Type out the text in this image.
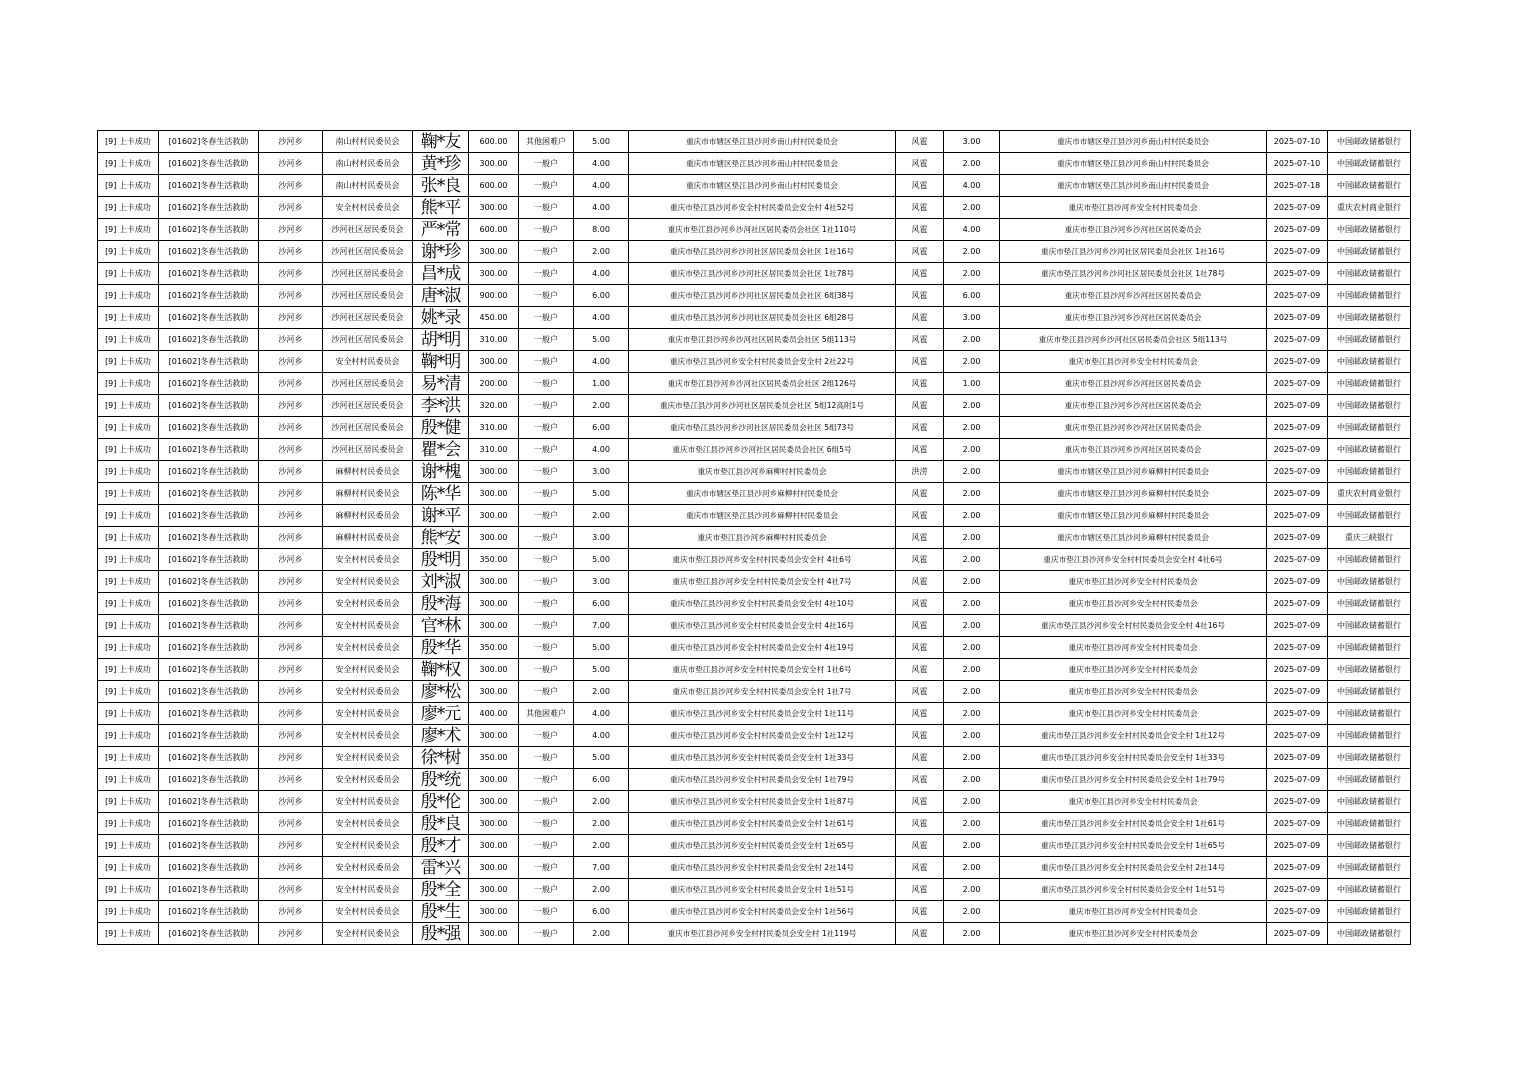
[9] 上卡成功	[01602]冬春生活救助	沙河乡	南山村村民委员会	鞠*友	600.00	其他困难户	5.00	重庆市市辖区垫江县沙河乡南山村村民委员会	风雹	3.00	重庆市市辖区垫江县沙河乡南山村村民委员会	2025-07-10	中国邮政储蓄银行
[9] 上卡成功	[01602]冬春生活救助	沙河乡	南山村村民委员会	黄*珍	300.00	一般户	4.00	重庆市市辖区垫江县沙河乡南山村村民委员会	风雹	2.00	重庆市市辖区垫江县沙河乡南山村村民委员会	2025-07-10	中国邮政储蓄银行
[9] 上卡成功	[01602]冬春生活救助	沙河乡	南山村村民委员会	张*良	600.00	一般户	4.00	重庆市市辖区垫江县沙河乡南山村村民委员会	风雹	4.00	重庆市市辖区垫江县沙河乡南山村村民委员会	2025-07-18	中国邮政储蓄银行
[9] 上卡成功	[01602]冬春生活救助	沙河乡	安全村村民委员会	熊*平	300.00	一般户	4.00	重庆市垫江县沙河乡安全村村民委员会安全村 4社52号	风雹	2.00	重庆市垫江县沙河乡安全村村民委员会	2025-07-09	重庆农村商业银行
[9] 上卡成功	[01602]冬春生活救助	沙河乡	沙河社区居民委员会	严*常	600.00	一般户	8.00	重庆市垫江县沙河乡沙河社区居民委员会社区 1社110号	风雹	4.00	重庆市垫江县沙河乡沙河社区居民委员会	2025-07-09	中国邮政储蓄银行
[9] 上卡成功	[01602]冬春生活救助	沙河乡	沙河社区居民委员会	谢*珍	300.00	一般户	2.00	重庆市垫江县沙河乡沙河社区居民委员会社区 1社16号	风雹	2.00	重庆市垫江县沙河乡沙河社区居民委员会社区 1社16号	2025-07-09	中国邮政储蓄银行
[9] 上卡成功	[01602]冬春生活救助	沙河乡	沙河社区居民委员会	昌*成	300.00	一般户	4.00	重庆市垫江县沙河乡沙河社区居民委员会社区 1社78号	风雹	2.00	重庆市垫江县沙河乡沙河社区居民委员会社区 1社78号	2025-07-09	中国邮政储蓄银行
[9] 上卡成功	[01602]冬春生活救助	沙河乡	沙河社区居民委员会	唐*淑	900.00	一般户	6.00	重庆市垫江县沙河乡沙河社区居民委员会社区 6组38号	风雹	6.00	重庆市垫江县沙河乡沙河社区居民委员会	2025-07-09	中国邮政储蓄银行
[9] 上卡成功	[01602]冬春生活救助	沙河乡	沙河社区居民委员会	姚*录	450.00	一般户	4.00	重庆市垫江县沙河乡沙河社区居民委员会社区 6组28号	风雹	3.00	重庆市垫江县沙河乡沙河社区居民委员会	2025-07-09	中国邮政储蓄银行
[9] 上卡成功	[01602]冬春生活救助	沙河乡	沙河社区居民委员会	胡*明	310.00	一般户	5.00	重庆市垫江县沙河乡沙河社区居民委员会社区 5组113号	风雹	2.00	重庆市垫江县沙河乡沙河社区居民委员会社区 5组113号	2025-07-09	中国邮政储蓄银行
[9] 上卡成功	[01602]冬春生活救助	沙河乡	安全村村民委员会	鞠*明	300.00	一般户	4.00	重庆市垫江县沙河乡安全村村民委员会安全村 2社22号	风雹	2.00	重庆市垫江县沙河乡安全村村民委员会	2025-07-09	中国邮政储蓄银行
[9] 上卡成功	[01602]冬春生活救助	沙河乡	沙河社区居民委员会	易*清	200.00	一般户	1.00	重庆市垫江县沙河乡沙河社区居民委员会社区 2组126号	风雹	1.00	重庆市垫江县沙河乡沙河社区居民委员会	2025-07-09	中国邮政储蓄银行
[9] 上卡成功	[01602]冬春生活救助	沙河乡	沙河社区居民委员会	李*洪	320.00	一般户	2.00	重庆市垫江县沙河乡沙河社区居民委员会社区 5组12高附1号	风雹	2.00	重庆市垫江县沙河乡沙河社区居民委员会	2025-07-09	中国邮政储蓄银行
[9] 上卡成功	[01602]冬春生活救助	沙河乡	沙河社区居民委员会	殷*健	310.00	一般户	6.00	重庆市垫江县沙河乡沙河社区居民委员会社区 5组73号	风雹	2.00	重庆市垫江县沙河乡沙河社区居民委员会	2025-07-09	中国邮政储蓄银行
[9] 上卡成功	[01602]冬春生活救助	沙河乡	沙河社区居民委员会	瞿*会	310.00	一般户	4.00	重庆市垫江县沙河乡沙河社区居民委员会社区 6组5号	风雹	2.00	重庆市垫江县沙河乡沙河社区居民委员会	2025-07-09	中国邮政储蓄银行
[9] 上卡成功	[01602]冬春生活救助	沙河乡	麻柳村村民委员会	谢*槐	300.00	一般户	3.00	重庆市垫江县沙河乡麻柳村村民委员会	洪涝	2.00	重庆市市辖区垫江县沙河乡麻柳村村民委员会	2025-07-09	中国邮政储蓄银行
[9] 上卡成功	[01602]冬春生活救助	沙河乡	麻柳村村民委员会	陈*华	300.00	一般户	5.00	重庆市市辖区垫江县沙河乡麻柳村村民委员会	风雹	2.00	重庆市市辖区垫江县沙河乡麻柳村村民委员会	2025-07-09	重庆农村商业银行
[9] 上卡成功	[01602]冬春生活救助	沙河乡	麻柳村村民委员会	谢*平	300.00	一般户	2.00	重庆市市辖区垫江县沙河乡麻柳村村民委员会	风雹	2.00	重庆市市辖区垫江县沙河乡麻柳村村民委员会	2025-07-09	中国邮政储蓄银行
[9] 上卡成功	[01602]冬春生活救助	沙河乡	麻柳村村民委员会	熊*安	300.00	一般户	3.00	重庆市垫江县沙河乡麻柳村村民委员会	风雹	2.00	重庆市市辖区垫江县沙河乡麻柳村村民委员会	2025-07-09	重庆三峡银行
[9] 上卡成功	[01602]冬春生活救助	沙河乡	安全村村民委员会	殷*明	350.00	一般户	5.00	重庆市垫江县沙河乡安全村村民委员会安全村 4社6号	风雹	2.00	重庆市垫江县沙河乡安全村村民委员会安全村 4社6号	2025-07-09	中国邮政储蓄银行
[9] 上卡成功	[01602]冬春生活救助	沙河乡	安全村村民委员会	刘*淑	300.00	一般户	3.00	重庆市垫江县沙河乡安全村村民委员会安全村 4社7号	风雹	2.00	重庆市垫江县沙河乡安全村村民委员会	2025-07-09	中国邮政储蓄银行
[9] 上卡成功	[01602]冬春生活救助	沙河乡	安全村村民委员会	殷*海	300.00	一般户	6.00	重庆市垫江县沙河乡安全村村民委员会安全村 4社10号	风雹	2.00	重庆市垫江县沙河乡安全村村民委员会	2025-07-09	中国邮政储蓄银行
[9] 上卡成功	[01602]冬春生活救助	沙河乡	安全村村民委员会	官*林	300.00	一般户	7.00	重庆市垫江县沙河乡安全村村民委员会安全村 4社16号	风雹	2.00	重庆市垫江县沙河乡安全村村民委员会安全村 4社16号	2025-07-09	中国邮政储蓄银行
[9] 上卡成功	[01602]冬春生活救助	沙河乡	安全村村民委员会	殷*华	350.00	一般户	5.00	重庆市垫江县沙河乡安全村村民委员会安全村 4社19号	风雹	2.00	重庆市垫江县沙河乡安全村村民委员会	2025-07-09	中国邮政储蓄银行
[9] 上卡成功	[01602]冬春生活救助	沙河乡	安全村村民委员会	鞠*权	300.00	一般户	5.00	重庆市垫江县沙河乡安全村村民委员会安全村 1社6号	风雹	2.00	重庆市垫江县沙河乡安全村村民委员会	2025-07-09	中国邮政储蓄银行
[9] 上卡成功	[01602]冬春生活救助	沙河乡	安全村村民委员会	廖*松	300.00	一般户	2.00	重庆市垫江县沙河乡安全村村民委员会安全村 1社7号	风雹	2.00	重庆市垫江县沙河乡安全村村民委员会	2025-07-09	中国邮政储蓄银行
[9] 上卡成功	[01602]冬春生活救助	沙河乡	安全村村民委员会	廖*元	400.00	其他困难户	4.00	重庆市垫江县沙河乡安全村村民委员会安全村 1社11号	风雹	2.00	重庆市垫江县沙河乡安全村村民委员会	2025-07-09	中国邮政储蓄银行
[9] 上卡成功	[01602]冬春生活救助	沙河乡	安全村村民委员会	廖*术	300.00	一般户	4.00	重庆市垫江县沙河乡安全村村民委员会安全村 1社12号	风雹	2.00	重庆市垫江县沙河乡安全村村民委员会安全村 1社12号	2025-07-09	中国邮政储蓄银行
[9] 上卡成功	[01602]冬春生活救助	沙河乡	安全村村民委员会	徐*树	350.00	一般户	5.00	重庆市垫江县沙河乡安全村村民委员会安全村 1社33号	风雹	2.00	重庆市垫江县沙河乡安全村村民委员会安全村 1社33号	2025-07-09	中国邮政储蓄银行
[9] 上卡成功	[01602]冬春生活救助	沙河乡	安全村村民委员会	殷*统	300.00	一般户	6.00	重庆市垫江县沙河乡安全村村民委员会安全村 1社79号	风雹	2.00	重庆市垫江县沙河乡安全村村民委员会安全村 1社79号	2025-07-09	中国邮政储蓄银行
[9] 上卡成功	[01602]冬春生活救助	沙河乡	安全村村民委员会	殷*伦	300.00	一般户	2.00	重庆市垫江县沙河乡安全村村民委员会安全村 1社87号	风雹	2.00	重庆市垫江县沙河乡安全村村民委员会	2025-07-09	中国邮政储蓄银行
[9] 上卡成功	[01602]冬春生活救助	沙河乡	安全村村民委员会	殷*良	300.00	一般户	2.00	重庆市垫江县沙河乡安全村村民委员会安全村 1社61号	风雹	2.00	重庆市垫江县沙河乡安全村村民委员会安全村 1社61号	2025-07-09	中国邮政储蓄银行
[9] 上卡成功	[01602]冬春生活救助	沙河乡	安全村村民委员会	殷*才	300.00	一般户	2.00	重庆市垫江县沙河乡安全村村民委员会安全村 1社65号	风雹	2.00	重庆市垫江县沙河乡安全村村民委员会安全村 1社65号	2025-07-09	中国邮政储蓄银行
[9] 上卡成功	[01602]冬春生活救助	沙河乡	安全村村民委员会	雷*兴	300.00	一般户	7.00	重庆市垫江县沙河乡安全村村民委员会安全村 2社14号	风雹	2.00	重庆市垫江县沙河乡安全村村民委员会安全村 2社14号	2025-07-09	中国邮政储蓄银行
[9] 上卡成功	[01602]冬春生活救助	沙河乡	安全村村民委员会	殷*全	300.00	一般户	2.00	重庆市垫江县沙河乡安全村村民委员会安全村 1社51号	风雹	2.00	重庆市垫江县沙河乡安全村村民委员会安全村 1社51号	2025-07-09	中国邮政储蓄银行
[9] 上卡成功	[01602]冬春生活救助	沙河乡	安全村村民委员会	殷*生	300.00	一般户	6.00	重庆市垫江县沙河乡安全村村民委员会安全村 1社56号	风雹	2.00	重庆市垫江县沙河乡安全村村民委员会	2025-07-09	中国邮政储蓄银行
[9] 上卡成功	[01602]冬春生活救助	沙河乡	安全村村民委员会	殷*强	300.00	一般户	2.00	重庆市垫江县沙河乡安全村村民委员会安全村 1社119号	风雹	2.00	重庆市垫江县沙河乡安全村村民委员会	2025-07-09	中国邮政储蓄银行
